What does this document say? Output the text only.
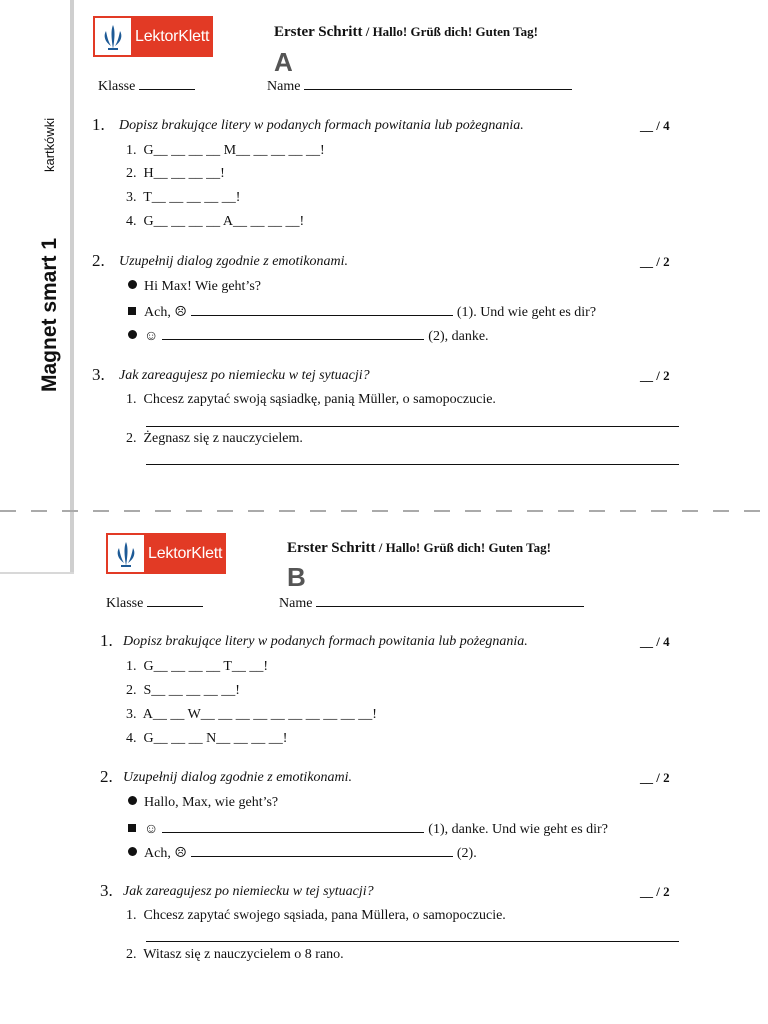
kartkówki
Magnet smart 1
LektorKlett	Erster Schritt / Hallo! Grüß dich! Guten Tag!
A
Klasse	Name
1. Dopisz brakujące litery w podanych formach powitania lub pożegnania.	__ / 4
1. G__ __ __ __ M__ __ __ __ __!
2. H__ __ __ __!
3. T__ __ __ __ __!
4. G__ __ __ __ A__ __ __ __!
2. Uzupełnij dialog zgodnie z emotikonami.	__ / 2
Hi Max! Wie geht’s?
Ach, ☹	(1). Und wie geht es dir?
☺	(2), danke.
3. Jak zareagujesz po niemiecku w tej sytuacji?	__ / 2
1. Chcesz zapytać swoją sąsiadkę, panią Müller, o samopoczucie.
2. Żegnasz się z nauczycielem.
LektorKlett	Erster Schritt / Hallo! Grüß dich! Guten Tag!
B
Klasse	Name
1. Dopisz brakujące litery w podanych formach powitania lub pożegnania.	__ / 4
1. G__ __ __ __ T__ __!
2. S__ __ __ __ __!
3. A__ __ W__ __ __ __ __ __ __ __ __ __!
4. G__ __ __ N__ __ __ __!
2. Uzupełnij dialog zgodnie z emotikonami.	__ / 2
Hallo, Max, wie geht’s?
☺	(1), danke. Und wie geht es dir?
Ach, ☹	(2).
3. Jak zareagujesz po niemiecku w tej sytuacji?	__ / 2
1. Chcesz zapytać swojego sąsiada, pana Müllera, o samopoczucie.
2. Witasz się z nauczycielem o 8 rano.
